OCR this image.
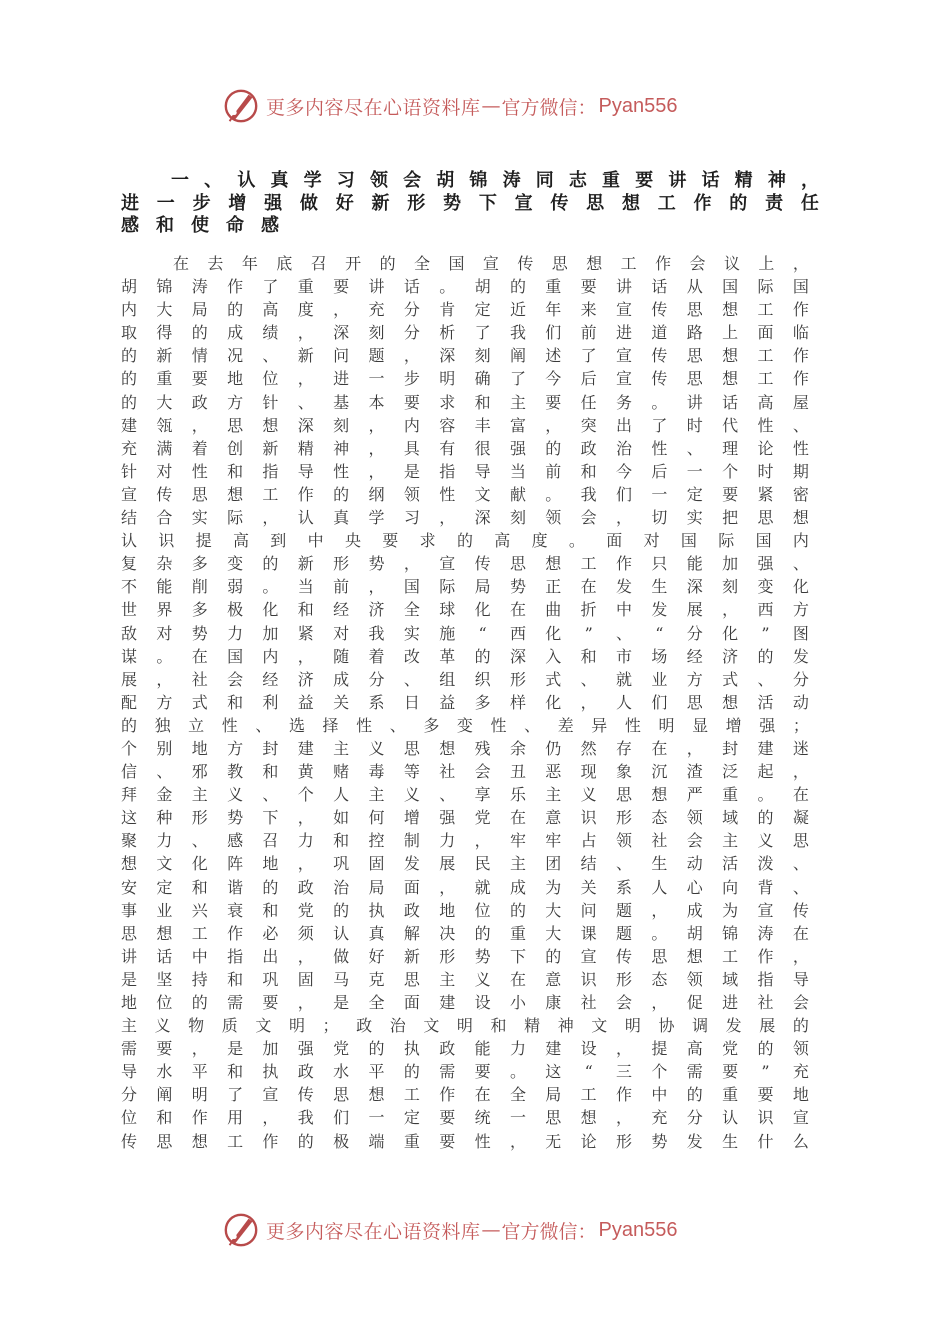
更多内容尽在心语资料库 — 官方微信： Pyan556
一 、 认 真 学 习 领 会 胡 锦 涛 同 志 重 要 讲 话 精 神 ，
进 一 步 增 强 做 好 新 形 势 下 宣 传 思 想 工 作 的 责 任
感 和 使 命 感
在 去 年 底 召 开 的 全 国 宣 传 思 想 工 作 会 议 上 ，
胡 锦 涛 作 了 重 要 讲 话 。 胡 的 重 要 讲 话 从 国 际 国
内 大 局 的 高 度 ， 充 分 肯 定 近 年 来 宣 传 思 想 工 作
取 得 的 成 绩 ， 深 刻 分 析 了 我 们 前 进 道 路 上 面 临
的 新 情 况 、 新 问 题 ， 深 刻 阐 述 了 宣 传 思 想 工 作
的 重 要 地 位 ， 进 一 步 明 确 了 今 后 宣 传 思 想 工 作
的 大 政 方 针 、 基 本 要 求 和 主 要 任 务 。 讲 话 高 屋
建 瓴 ， 思 想 深 刻 ， 内 容 丰 富 ， 突 出 了 时 代 性 、
充 满 着 创 新 精 神 ， 具 有 很 强 的 政 治 性 、 理 论 性
针 对 性 和 指 导 性 ， 是 指 导 当 前 和 今 后 一 个 时 期
宣 传 思 想 工 作 的 纲 领 性 文 献 。 我 们 一 定 要 紧 密
结 合 实 际 ， 认 真 学 习 ， 深 刻 领 会 ， 切 实 把 思 想
认 识 提 高 到 中 央 要 求 的 高 度 。 面 对 国 际 国 内
复 杂 多 变 的 新 形 势 ， 宣 传 思 想 工 作 只 能 加 强 、
不 能 削 弱 。 当 前 ， 国 际 局 势 正 在 发 生 深 刻 变 化
世 界 多 极 化 和 经 济 全 球 化 在 曲 折 中 发 展 ， 西 方
敌 对 势 力 加 紧 对 我 实 施	“	西 化	”	、	“	分 化	”	图
谋 。 在 国 内 ， 随 着 改 革 的 深 入 和 市 场 经 济 的 发
展 ， 社 会 经 济 成 分 、 组 织 形 式 、 就 业 方 式 、 分
配 方 式 和 利 益 关 系 日 益 多 样 化 ， 人 们 思 想 活 动
的 独 立 性 、 选 择 性 、 多 变 性 、 差 异 性 明 显 增 强 ；
个 别 地 方 封 建 主 义 思 想 残 余 仍 然 存 在 ， 封 建 迷
信 、 邪 教 和 黄 赌 毒 等 社 会 丑 恶 现 象 沉 渣 泛 起 ，
拜 金 主 义 、 个 人 主 义 、 享 乐 主 义 思 想 严 重 。 在
这 种 形 势 下 ， 如 何 增 强 党 在 意 识 形 态 领 域 的 凝
聚 力 、 感 召 力 和 控 制 力 ， 牢 牢 占 领 社 会 主 义 思
想 文 化 阵 地 ， 巩 固 发 展 民 主 团 结 、 生 动 活 泼 、
安 定 和 谐 的 政 治 局 面 ， 就 成 为 关 系 人 心 向 背 、
事 业 兴 衰 和 党 的 执 政 地 位 的 大 问 题 ， 成 为 宣 传
思 想 工 作 必 须 认 真 解 决 的 重 大 课 题 。 胡 锦 涛 在
讲 话 中 指 出 ， 做 好 新 形 势 下 的 宣 传 思 想 工 作 ，
是 坚 持 和 巩 固 马 克 思 主 义 在 意 识 形 态 领 域 指 导
地 位 的 需 要 ， 是 全 面 建 设 小 康 社 会 ， 促 进 社 会
主 义 物 质 文 明 ； 政 治 文 明 和 精 神 文 明 协 调 发 展 的
需 要 ， 是 加 强 党 的 执 政 能 力 建 设 ， 提 高 党 的 领
导 水 平 和 执 政 水 平 的 需 要 。 这	“	三 个 需 要	”	充
分 阐 明 了 宣 传 思 想 工 作 在 全 局 工 作 中 的 重 要 地
位 和 作 用 ， 我 们 一 定 要 统 一 思 想 ， 充 分 认 识 宣
传 思 想 工 作 的 极 端 重 要 性 ， 无 论 形 势 发 生 什 么
更多内容尽在心语资料库 — 官方微信： Pyan556
